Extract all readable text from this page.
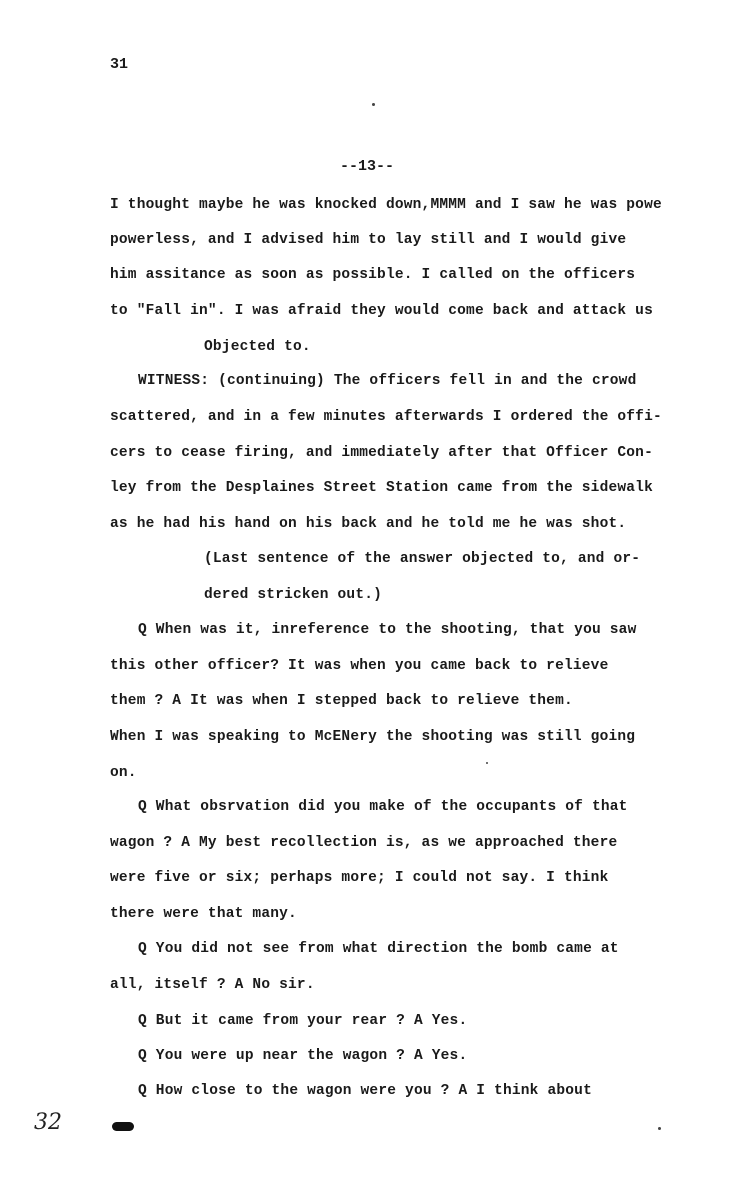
31
--13--
I thought maybe he was knocked down,MMMM and I saw he was powe
powerless, and I advised him to lay still and I would give
him assitance as soon as possible. I called on the officers
to "Fall in". I was afraid they would come back and attack us
Objected to.
WITNESS: (continuing) The officers fell in and the crowd
scattered, and in a few minutes afterwards I ordered the offi-
cers to cease firing, and immediately after that Officer Con-
ley from the Desplaines Street Station came from the sidewalk
as he had his hand on his back and he told me he was shot.
(Last sentence of the answer objected to, and or-
dered stricken out.)
Q When was it, inreference to the shooting, that you saw
this other officer? It was when you came back to relieve
them ? A It was when I stepped back to relieve them.
When I was speaking to McENery the shooting was still going
on.
Q What obsrvation did you make of the occupants of that
wagon ? A My best recollection is, as we approached there
were five or six; perhaps more; I could not say. I think
there were that many.
Q You did not see from what direction the bomb came at
all, itself ? A No sir.
Q But it came from your rear ? A Yes.
Q You were up near the wagon ? A Yes.
Q How close to the wagon were you ? A I think about
32
